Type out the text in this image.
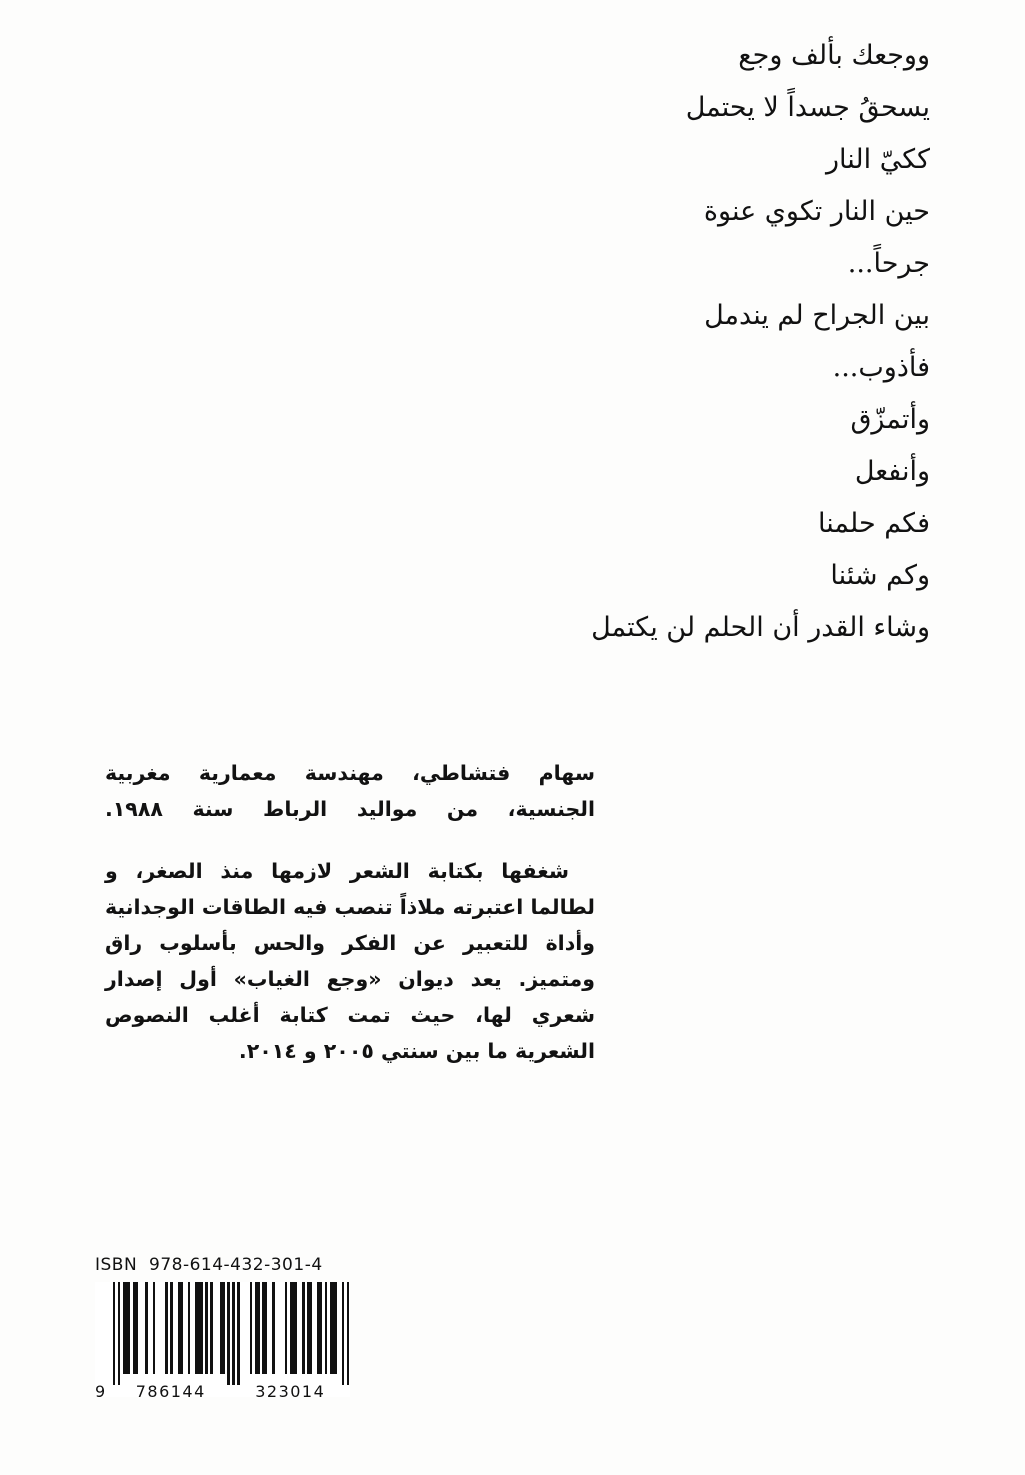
ووجعك بألف وجع
يسحقُ جسداً لا يحتمل
ككيّ النار
حين النار تكوي عنوة
جرحاً...
بين الجراح لم يندمل
فأذوب...
وأتمزّق
وأنفعل
فكم حلمنا
وكم شئنا
وشاء القدر أن الحلم لن يكتمل

سهام فتشاطي، مهندسة معمارية مغربية الجنسية، من مواليد الرباط سنة ١٩٨٨.

شغفها بكتابة الشعر لازمها منذ الصغر، و لطالما اعتبرته ملاذاً تنصب فيه الطاقات الوجدانية وأداة للتعبير عن الفكر والحس بأسلوب راق ومتميز. يعد ديوان «وجع الغياب» أول إصدار شعري لها، حيث تمت كتابة أغلب النصوص الشعرية ما بين سنتي ٢٠٠٥ و ٢٠١٤.

ISBN 978-614-432-301-4
9	786144	323014
